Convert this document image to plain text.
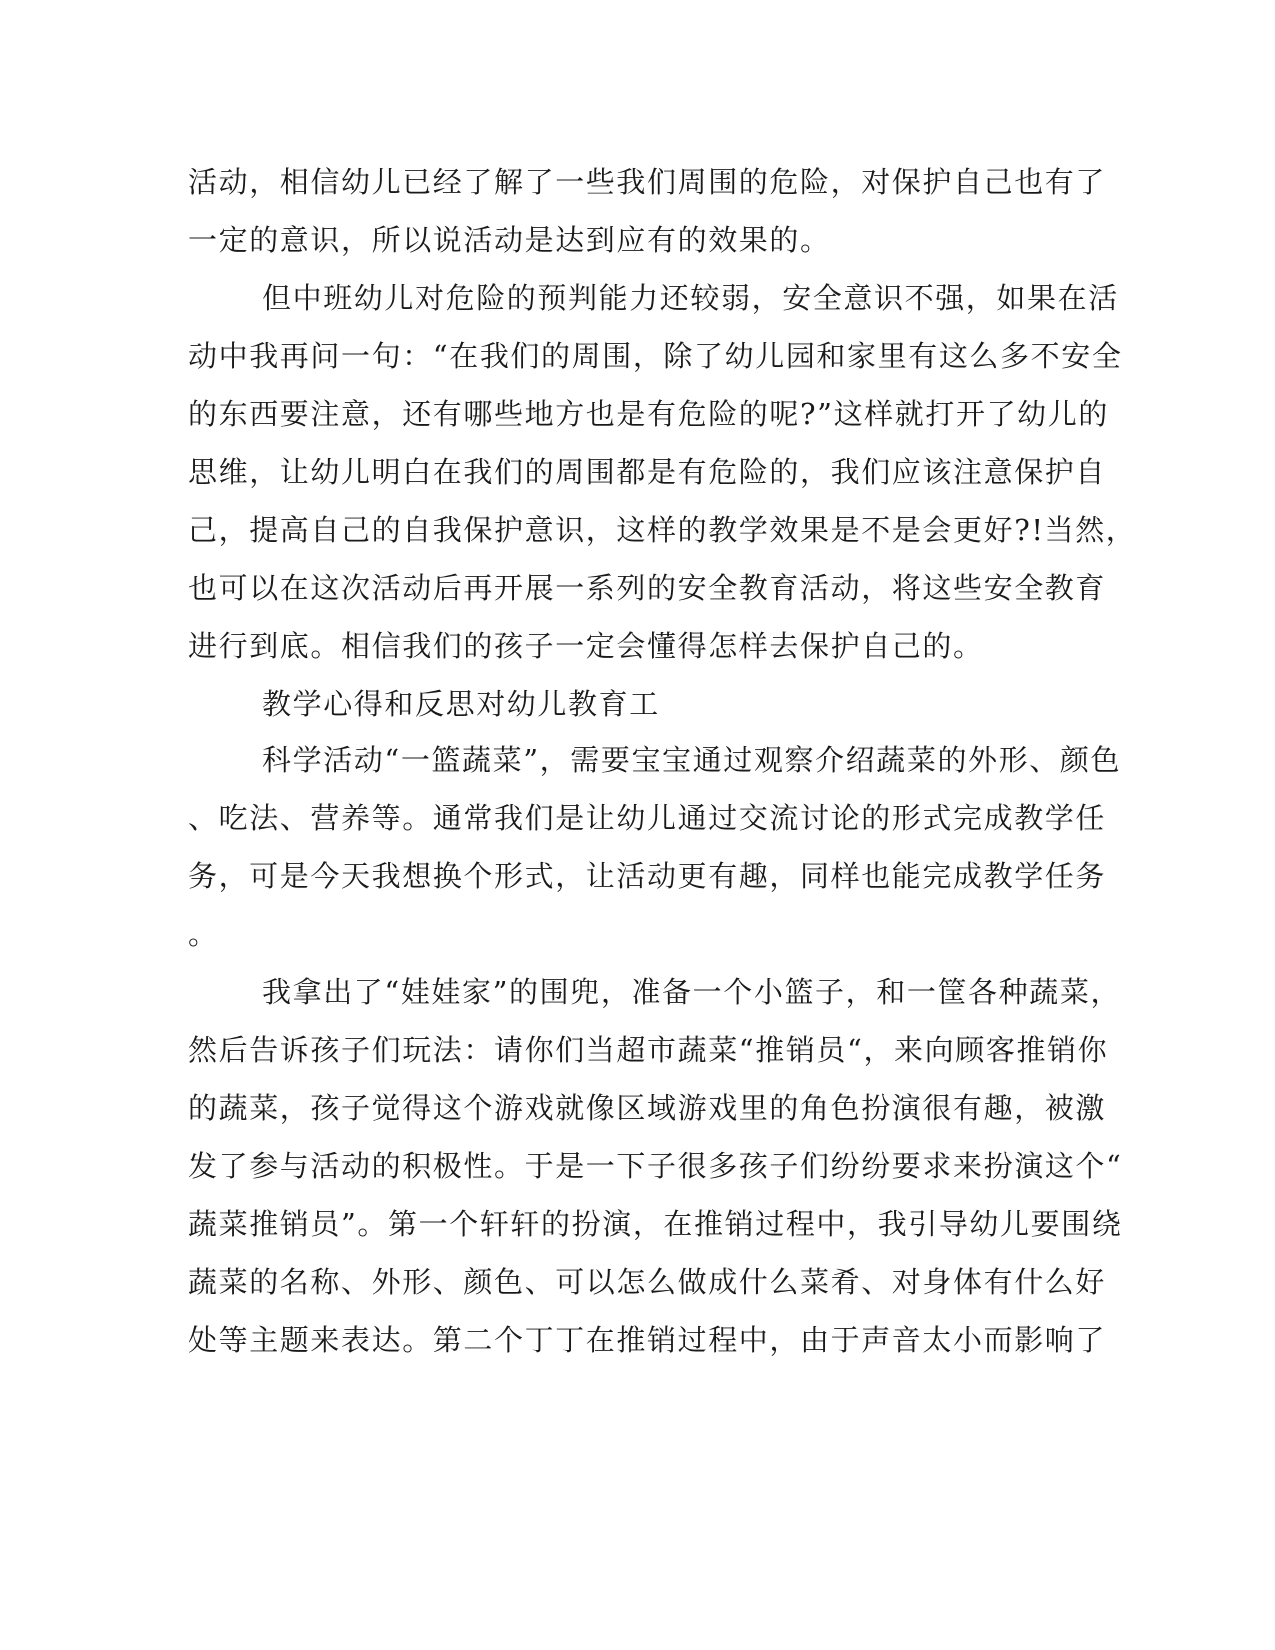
活动，相信幼儿已经了解了一些我们周围的危险，对保护自己也有了
一定的意识，所以说活动是达到应有的效果的。
但中班幼儿对危险的预判能力还较弱，安全意识不强，如果在活
动中我再问一句：“在我们的周围，除了幼儿园和家里有这么多不安全
的东西要注意，还有哪些地方也是有危险的呢?”这样就打开了幼儿的
思维，让幼儿明白在我们的周围都是有危险的，我们应该注意保护自
己，提高自己的自我保护意识，这样的教学效果是不是会更好?!当然，
也可以在这次活动后再开展一系列的安全教育活动，将这些安全教育
进行到底。相信我们的孩子一定会懂得怎样去保护自己的。
教学心得和反思对幼儿教育工
科学活动“一篮蔬菜”，需要宝宝通过观察介绍蔬菜的外形、颜色
、吃法、营养等。通常我们是让幼儿通过交流讨论的形式完成教学任
务，可是今天我想换个形式，让活动更有趣，同样也能完成教学任务
。
我拿出了“娃娃家”的围兜，准备一个小篮子，和一筐各种蔬菜，
然后告诉孩子们玩法：请你们当超市蔬菜“推销员“，来向顾客推销你
的蔬菜，孩子觉得这个游戏就像区域游戏里的角色扮演很有趣，被激
发了参与活动的积极性。于是一下子很多孩子们纷纷要求来扮演这个“
蔬菜推销员”。第一个轩轩的扮演，在推销过程中，我引导幼儿要围绕
蔬菜的名称、外形、颜色、可以怎么做成什么菜肴、对身体有什么好
处等主题来表达。第二个丁丁在推销过程中，由于声音太小而影响了
